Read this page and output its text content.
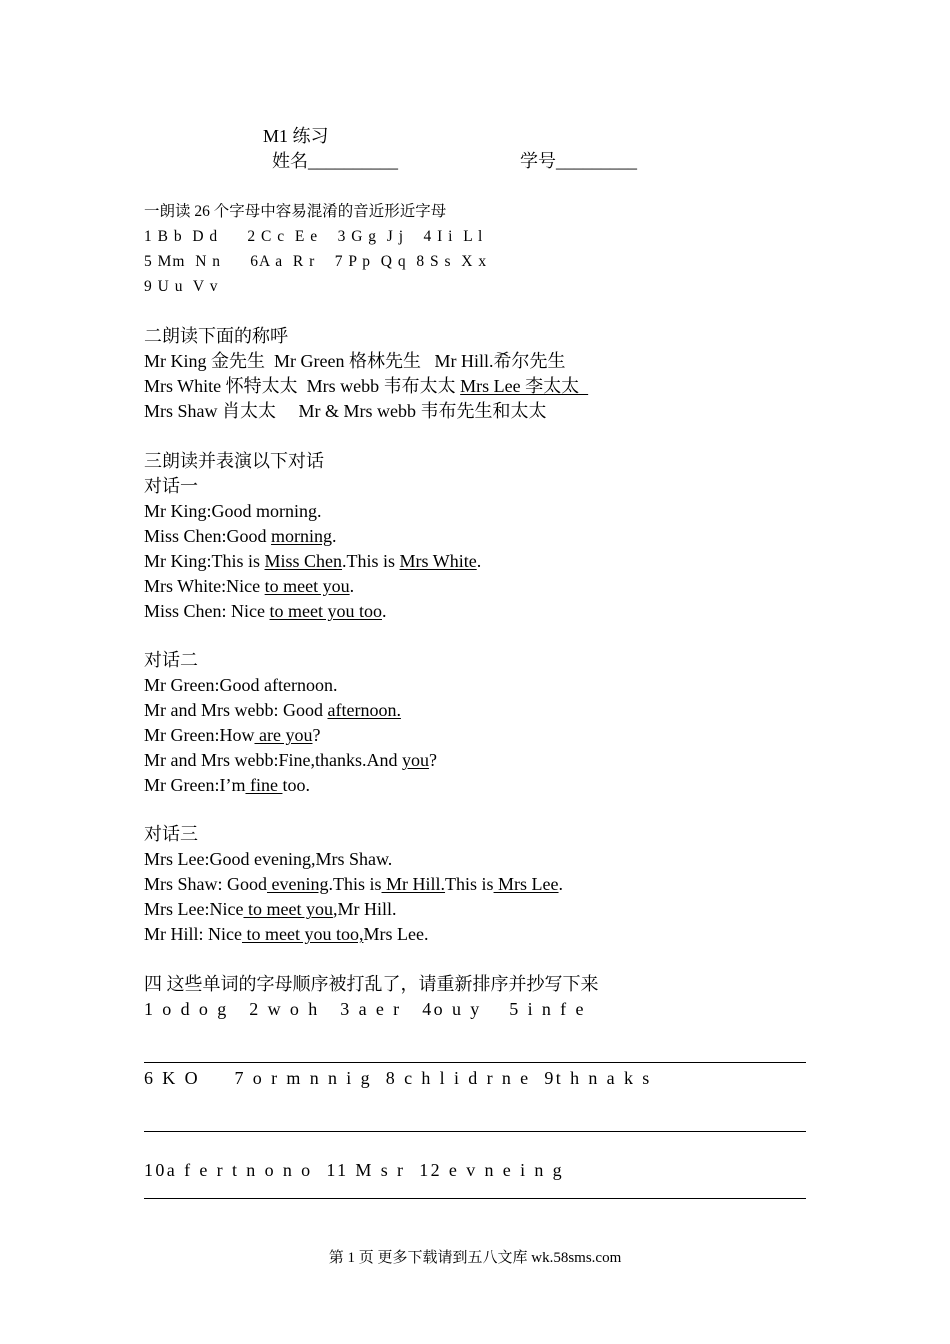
M1 练习
姓名__________	学号_________
一朗读 26 个字母中容易混淆的音近形近字母
1 B b  D d      2 C c  E e    3 G g  J j    4 I i  L l
5 Mm  N n      6A a  R r    7 P p  Q q  8 S s  X x
9 U u  V v
二朗读下面的称呼
Mr King 金先生  Mr Green 格林先生   Mr Hill.希尔先生
Mrs White 怀特太太  Mrs webb 韦布太太 Mrs Lee 李太太
Mrs Shaw 肖太太     Mr & Mrs webb 韦布先生和太太
三朗读并表演以下对话
对话一
Mr King:Good morning.
Miss Chen:Good morning.
Mr King:This is Miss Chen.This is Mrs White.
Mrs White:Nice to meet you.
Miss Chen: Nice to meet you too.
对话二
Mr Green:Good afternoon.
Mr and Mrs webb: Good afternoon.
Mr Green:How are you?
Mr and Mrs webb:Fine,thanks.And you?
Mr Green:I’m fine too.
对话三
Mrs Lee:Good evening,Mrs Shaw.
Mrs Shaw: Good evening.This is Mr Hill.This is Mrs Lee.
Mrs Lee:Nice to meet you,Mr Hill.
Mr Hill: Nice to meet you too,Mrs Lee.
四 这些单词的字母顺序被打乱了，请重新排序并抄写下来
1 o d o g   2 w o h   3 a e r   4o u y    5 i n f e
6 K O     7 o r m n n i g  8 c h l i d r n e  9t h n a k s
10a f e r t n o n o  11 M s r  12 e v n e i n g
第 1 页 更多下载请到五八文库 wk.58sms.com
